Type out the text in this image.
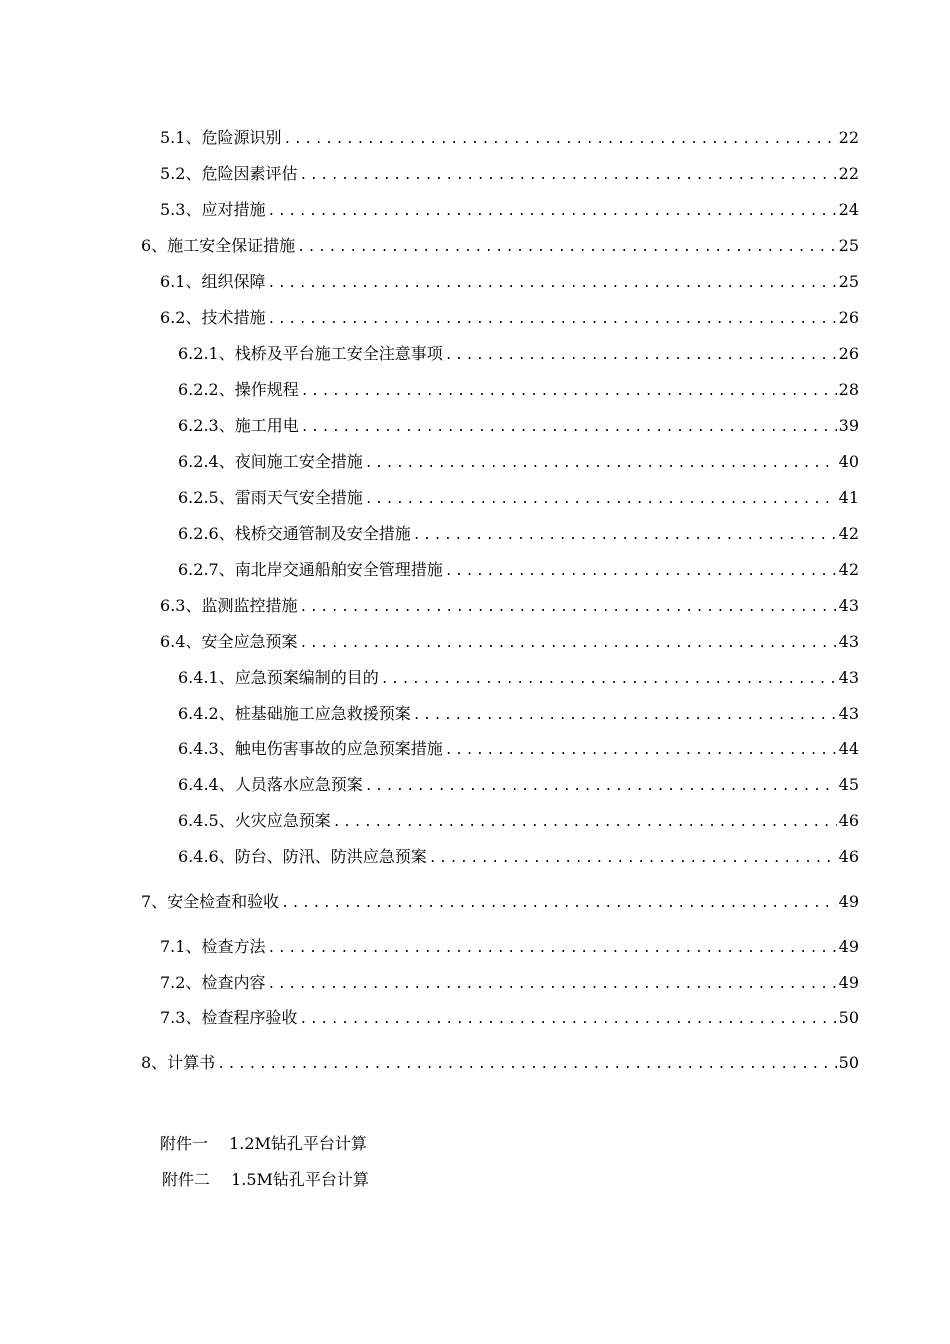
5.1、危险源识别 .....	22
5.2、危险因素评估 .....	22
5.3、应对措施 .....	24
6、施工安全保证措施 .....	25
6.1、组织保障 .....	25
6.2、技术措施 .....	26
6.2.1、栈桥及平台施工安全注意事项 .....	26
6.2.2、操作规程 .....	28
6.2.3、施工用电 .....	39
6.2.4、夜间施工安全措施 .....	40
6.2.5、雷雨天气安全措施 .....	41
6.2.6、栈桥交通管制及安全措施 .....	42
6.2.7、南北岸交通船舶安全管理措施 .....	42
6.3、监测监控措施 .....	43
6.4、安全应急预案 .....	43
6.4.1、应急预案编制的目的 .....	43
6.4.2、桩基础施工应急救援预案 .....	43
6.4.3、触电伤害事故的应急预案措施 .....	44
6.4.4、人员落水应急预案 .....	45
6.4.5、火灾应急预案 .....	46
6.4.6、防台、防汛、防洪应急预案 .....	46
7、安全检查和验收 .....	49
7.1、检查方法 .....	49
7.2、检查内容 .....	49
7.3、检查程序验收 .....	50
8、计算书 .....	50
附件一　 1.2M钻孔平台计算
附件二　 1.5M钻孔平台计算
